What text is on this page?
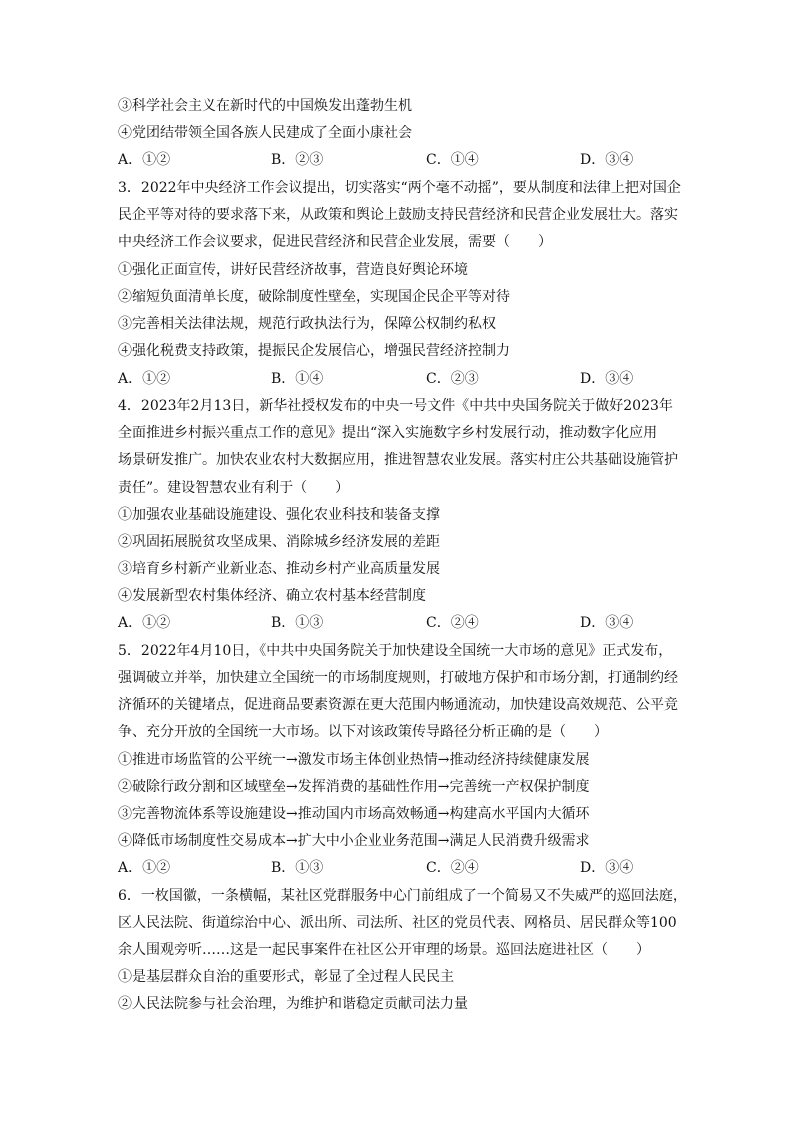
③科学社会主义在新时代的中国焕发出蓬勃生机
④党团结带领全国各族人民建成了全面小康社会
A．①②	B．②③	C．①④	D．③④
3．2022年中央经济工作会议提出，切实落实“两个毫不动摇”，要从制度和法律上把对国企
民企平等对待的要求落下来，从政策和舆论上鼓励支持民营经济和民营企业发展壮大。落实
中央经济工作会议要求，促进民营经济和民营企业发展，需要（　　）
①强化正面宣传，讲好民营经济故事，营造良好舆论环境
②缩短负面清单长度，破除制度性壁垒，实现国企民企平等对待
③完善相关法律法规，规范行政执法行为，保障公权制约私权
④强化税费支持政策，提振民企发展信心，增强民营经济控制力
A．①②	B．①④	C．②③	D．③④
4．2023年2月13日，新华社授权发布的中央一号文件《中共中央国务院关于做好2023年
全面推进乡村振兴重点工作的意见》提出“深入实施数字乡村发展行动，推动数字化应用
场景研发推广。加快农业农村大数据应用，推进智慧农业发展。落实村庄公共基础设施管护
责任”。建设智慧农业有利于（　　）
①加强农业基础设施建设、强化农业科技和装备支撑
②巩固拓展脱贫攻坚成果、消除城乡经济发展的差距
③培育乡村新产业新业态、推动乡村产业高质量发展
④发展新型农村集体经济、确立农村基本经营制度
A．①②	B．①③	C．②④	D．③④
5．2022年4月10日，《中共中央国务院关于加快建设全国统一大市场的意见》正式发布，
强调破立并举，加快建立全国统一的市场制度规则，打破地方保护和市场分割，打通制约经
济循环的关键堵点，促进商品要素资源在更大范围内畅通流动，加快建设高效规范、公平竞
争、充分开放的全国统一大市场。以下对该政策传导路径分析正确的是（　　）
①推进市场监管的公平统一→激发市场主体创业热情→推动经济持续健康发展
②破除行政分割和区域壁垒→发挥消费的基础性作用→完善统一产权保护制度
③完善物流体系等设施建设→推动国内市场高效畅通→构建高水平国内大循环
④降低市场制度性交易成本→扩大中小企业业务范围→满足人民消费升级需求
A．①②	B．①③	C．②④	D．③④
6．一枚国徽，一条横幅，某社区党群服务中心门前组成了一个简易又不失威严的巡回法庭，
区人民法院、街道综治中心、派出所、司法所、社区的党员代表、网格员、居民群众等100
余人围观旁听……这是一起民事案件在社区公开审理的场景。巡回法庭进社区（　　）
①是基层群众自治的重要形式，彰显了全过程人民民主
②人民法院参与社会治理，为维护和谐稳定贡献司法力量
